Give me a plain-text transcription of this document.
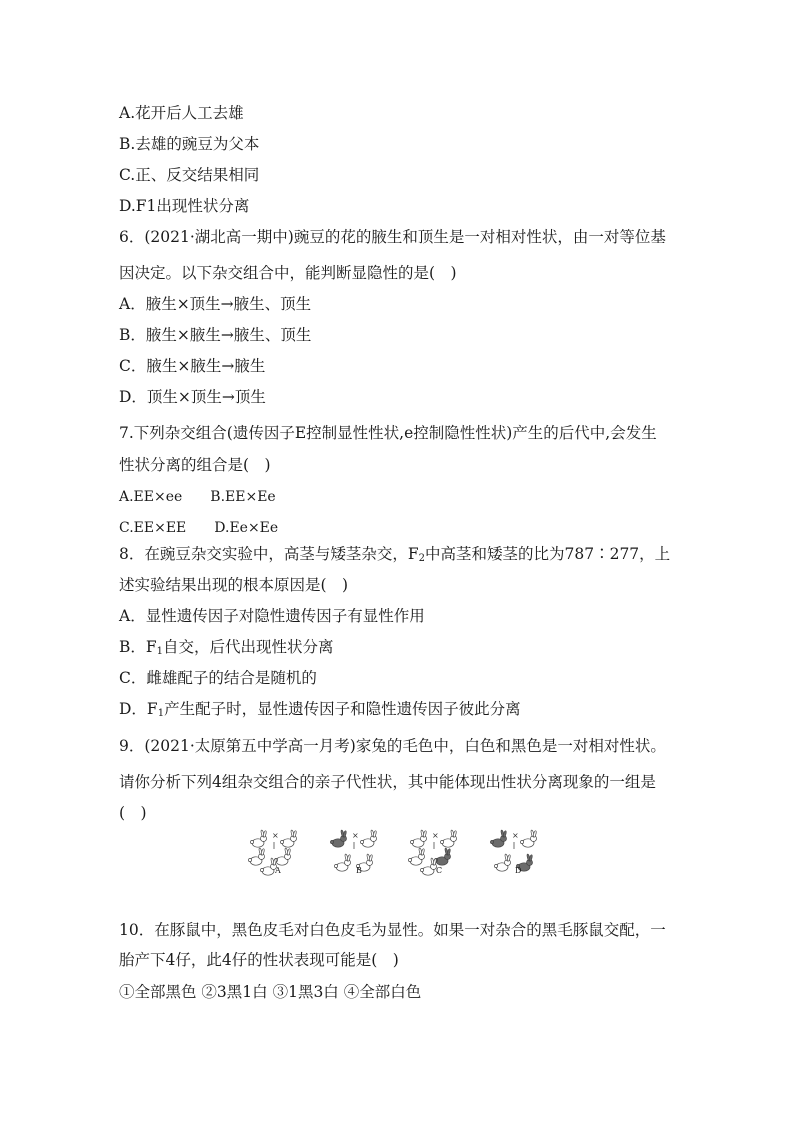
A.花开后人工去雄
B.去雄的豌豆为父本
C.正、反交结果相同
D.F1出现性状分离
6．(2021·湖北高一期中)豌豆的花的腋生和顶生是一对相对性状，由一对等位基
因决定。以下杂交组合中，能判断显隐性的是(　)
A．腋生×顶生→腋生、顶生
B．腋生×腋生→腋生、顶生
C．腋生×腋生→腋生
D．顶生×顶生→顶生
7.下列杂交组合(遗传因子E控制显性性状,e控制隐性性状)产生的后代中,会发生
性状分离的组合是(　)
A.EE×ee　　B.EE×Ee
C.EE×EE　　D.Ee×Ee
8．在豌豆杂交实验中，高茎与矮茎杂交，$F_2$中高茎和矮茎的比为787∶277，上
述实验结果出现的根本原因是(　)
A．显性遗传因子对隐性遗传因子有显性作用
B．$F_1$自交，后代出现性状分离
C．雌雄配子的结合是随机的
D．$F_1$产生配子时，显性遗传因子和隐性遗传因子彼此分离
9．(2021·太原第五中学高一月考)家兔的毛色中，白色和黑色是一对相对性状。
请你分析下列4组杂交组合的亲子代性状，其中能体现出性状分离现象的一组是
(　)
×	×	×	×
A	B	C	D
10．在豚鼠中，黑色皮毛对白色皮毛为显性。如果一对杂合的黑毛豚鼠交配，一
胎产下4仔，此4仔的性状表现可能是(　)
①全部黑色 ②3黑1白 ③1黑3白 ④全部白色
